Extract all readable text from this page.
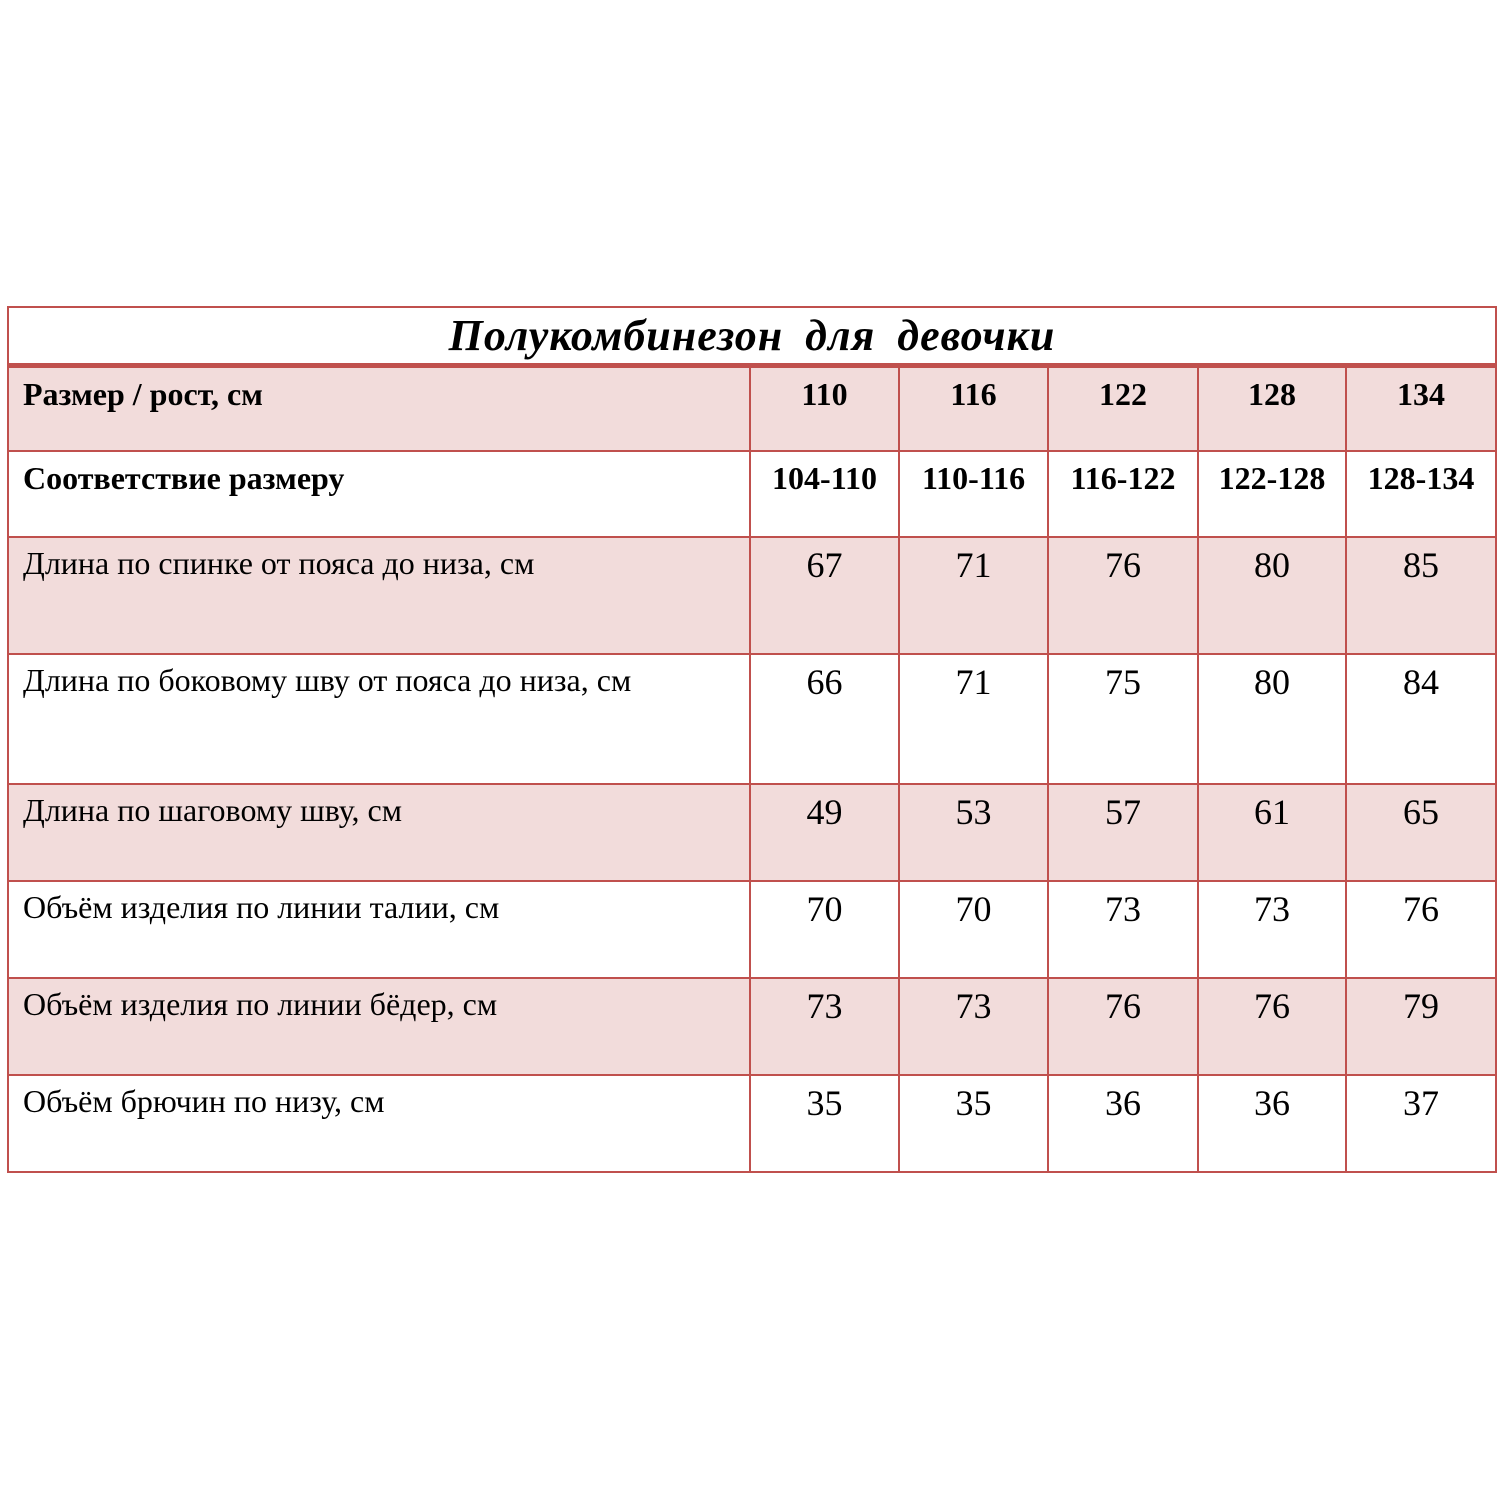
Полукомбинезон для девочки					
Размер / рост, см	110	116	122	128	134
Соответствие размеру	104-110	110-116	116-122	122-128	128-134
Длина по спинке от пояса до низа, см	67	71	76	80	85
Длина по боковому шву от пояса до низа, см	66	71	75	80	84
Длина по шаговому шву, см	49	53	57	61	65
Объём изделия по линии талии, см	70	70	73	73	76
Объём изделия по линии бёдер, см	73	73	76	76	79
Объём брючин по низу, см	35	35	36	36	37
